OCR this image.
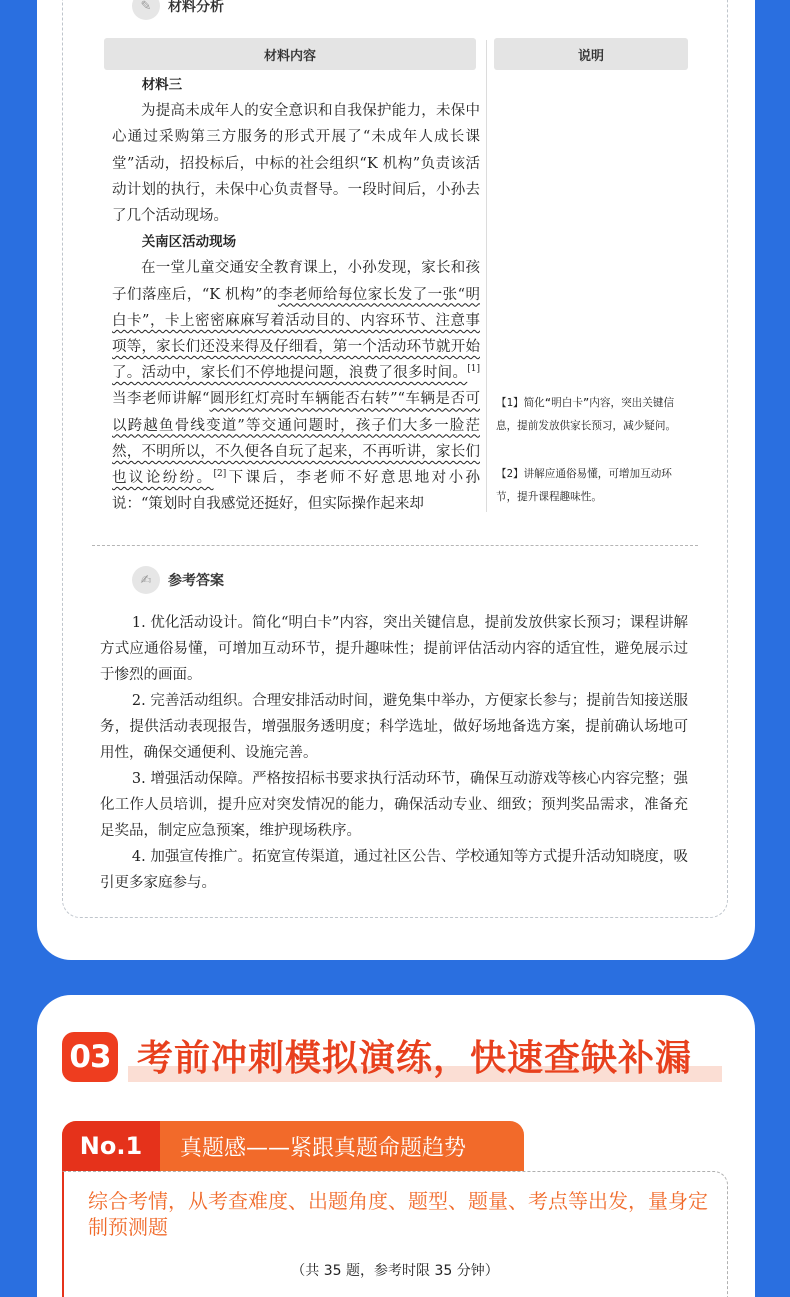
✎	材料分析
材料内容	说明
材料三

为提高未成年人的安全意识和自我保护能力，未保中心通过采购第三方服务的形式开展了“未成年人成长课堂”活动，招投标后，中标的社会组织“K 机构”负责该活动计划的执行，未保中心负责督导。一段时间后，小孙去了几个活动现场。

关南区活动现场

在一堂儿童交通安全教育课上，小孙发现，家长和孩子们落座后，“K 机构”的李老师给每位家长发了一张“明白卡”，卡上密密麻麻写着活动目的、内容环节、注意事项等，家长们还没来得及仔细看，第一个活动环节就开始了。活动中，家长们不停地提问题，浪费了很多时间。[1]当李老师讲解“圆形红灯亮时车辆能否右转”“车辆是否可以跨越鱼骨线变道”等交通问题时，孩子们大多一脸茫然，不明所以，不久便各自玩了起来，不再听讲，家长们也议论纷纷。[2]下课后，李老师不好意思地对小孙说：“策划时自我感觉还挺好，但实际操作起来却

【1】简化“明白卡”内容，突出关键信息，提前发放供家长预习，减少疑问。
【2】讲解应通俗易懂，可增加互动环节，提升课程趣味性。
✍	参考答案

1. 优化活动设计。简化“明白卡”内容，突出关键信息，提前发放供家长预习；课程讲解方式应通俗易懂，可增加互动环节，提升趣味性；提前评估活动内容的适宜性，避免展示过于惨烈的画面。

2. 完善活动组织。合理安排活动时间，避免集中举办，方便家长参与；提前告知接送服务，提供活动表现报告，增强服务透明度；科学选址，做好场地备选方案，提前确认场地可用性，确保交通便利、设施完善。

3. 增强活动保障。严格按招标书要求执行活动环节，确保互动游戏等核心内容完整；强化工作人员培训，提升应对突发情况的能力，确保活动专业、细致；预判奖品需求，准备充足奖品，制定应急预案，维护现场秩序。

4. 加强宣传推广。拓宽宣传渠道，通过社区公告、学校通知等方式提升活动知晓度，吸引更多家庭参与。

03 考前冲刺模拟演练，快速查缺补漏
No.1	真题感——紧跟真题命题趋势
综合考情，从考查难度、出题角度、题型、题量、考点等出发，量身定制预测题
（共 35 题，参考时限 35 分钟）
